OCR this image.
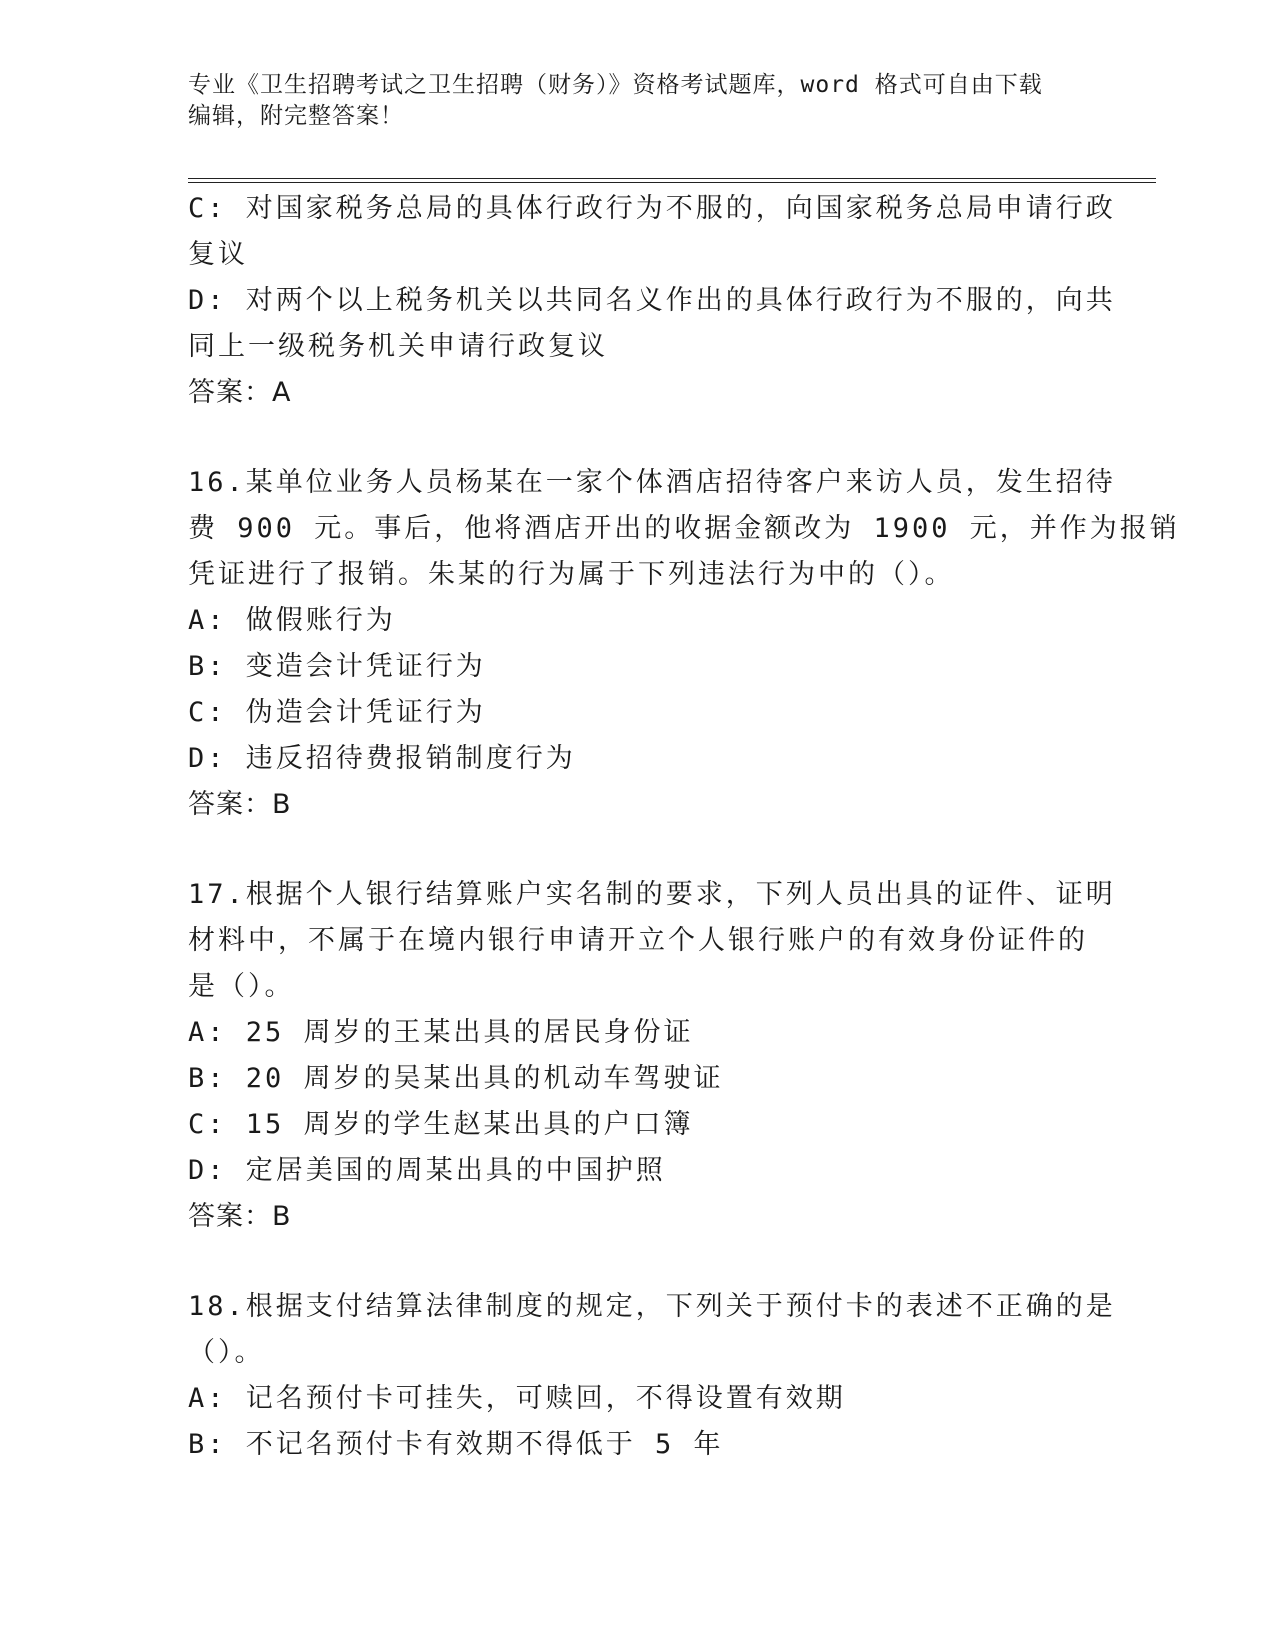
专业《卫生招聘考试之卫生招聘（财务）》资格考试题库，word 格式可自由下载
编辑，附完整答案！
C: 对国家税务总局的具体行政行为不服的，向国家税务总局申请行政
复议
D: 对两个以上税务机关以共同名义作出的具体行政行为不服的，向共
同上一级税务机关申请行政复议
答案：A
16.某单位业务人员杨某在一家个体酒店招待客户来访人员，发生招待
费 900 元。事后，他将酒店开出的收据金额改为 1900 元，并作为报销
凭证进行了报销。朱某的行为属于下列违法行为中的（）。
A: 做假账行为
B: 变造会计凭证行为
C: 伪造会计凭证行为
D: 违反招待费报销制度行为
答案：B
17.根据个人银行结算账户实名制的要求，下列人员出具的证件、证明
材料中，不属于在境内银行申请开立个人银行账户的有效身份证件的
是（）。
A: 25 周岁的王某出具的居民身份证
B: 20 周岁的吴某出具的机动车驾驶证
C: 15 周岁的学生赵某出具的户口簿
D: 定居美国的周某出具的中国护照
答案：B
18.根据支付结算法律制度的规定，下列关于预付卡的表述不正确的是
（）。
A: 记名预付卡可挂失，可赎回，不得设置有效期
B: 不记名预付卡有效期不得低于 5 年
